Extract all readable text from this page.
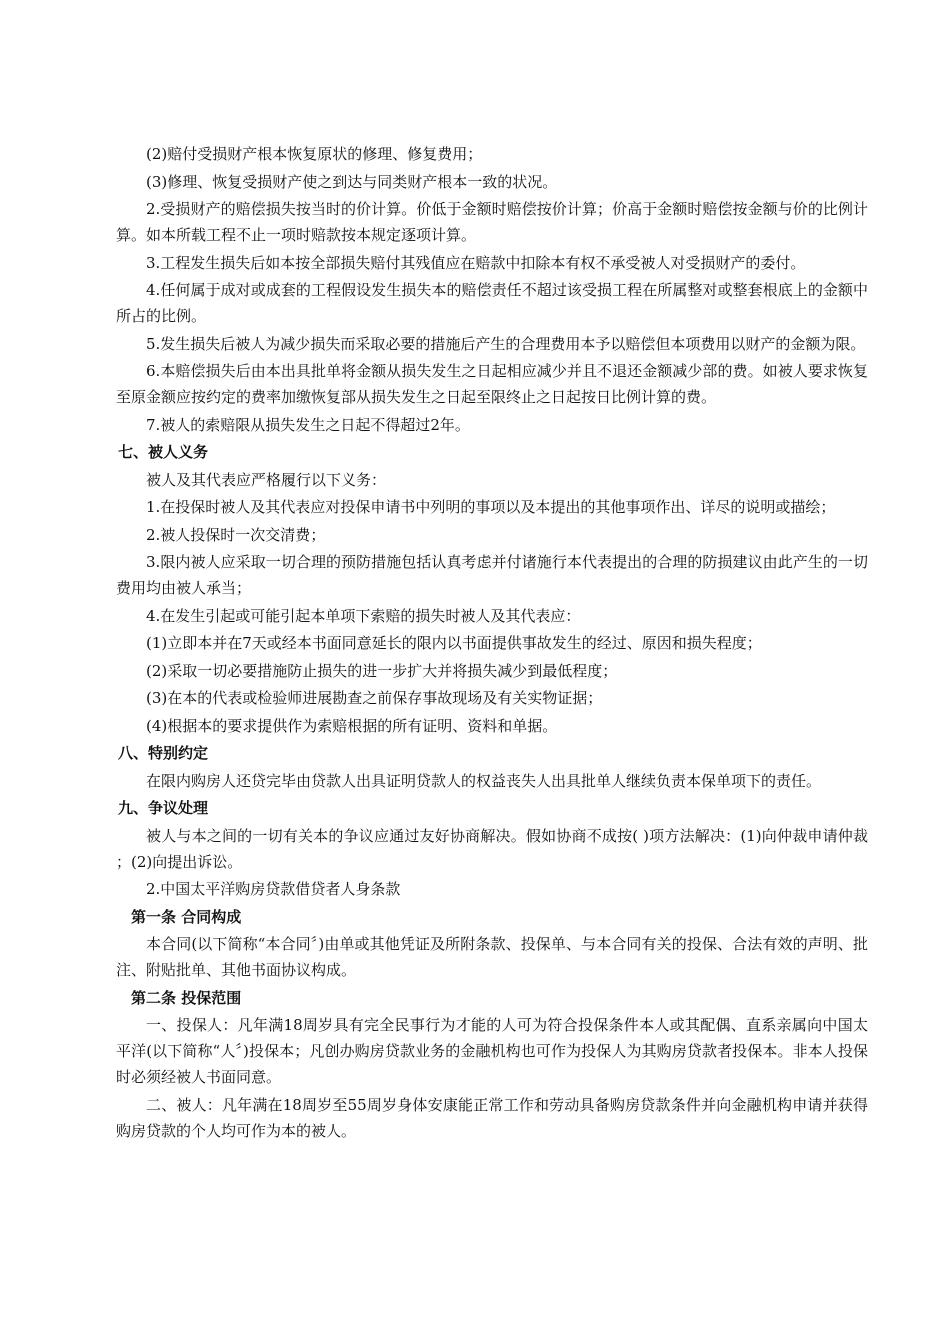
(2)赔付受损财产根本恢复原状的修理、修复费用；

(3)修理、恢复受损财产使之到达与同类财产根本一致的状况。

2.受损财产的赔偿损失按当时的价计算。价低于金额时赔偿按价计算；价高于金额时赔偿按金额与价的比例计算。如本所载工程不止一项时赔款按本规定逐项计算。

3.工程发生损失后如本按全部损失赔付其残值应在赔款中扣除本有权不承受被人对受损财产的委付。

4.任何属于成对或成套的工程假设发生损失本的赔偿责任不超过该受损工程在所属整对或整套根底上的金额中所占的比例。

5.发生损失后被人为减少损失而采取必要的措施后产生的合理费用本予以赔偿但本项费用以财产的金额为限。

6.本赔偿损失后由本出具批单将金额从损失发生之日起相应减少并且不退还金额减少部的费。如被人要求恢复至原金额应按约定的费率加缴恢复部从损失发生之日起至限终止之日起按日比例计算的费。

7.被人的索赔限从损失发生之日起不得超过2年。

七、被人义务

被人及其代表应严格履行以下义务：

1.在投保时被人及其代表应对投保申请书中列明的事项以及本提出的其他事项作出、详尽的说明或描绘；

2.被人投保时一次交清费；

3.限内被人应采取一切合理的预防措施包括认真考虑并付诸施行本代表提出的合理的防损建议由此产生的一切费用均由被人承当；

4.在发生引起或可能引起本单项下索赔的损失时被人及其代表应：

(1)立即本并在7天或经本书面同意延长的限内以书面提供事故发生的经过、原因和损失程度；

(2)采取一切必要措施防止损失的进一步扩大并将损失减少到最低程度；

(3)在本的代表或检验师进展勘查之前保存事故现场及有关实物证据；

(4)根据本的要求提供作为索赔根据的所有证明、资料和单据。

八、特别约定

在限内购房人还贷完毕由贷款人出具证明贷款人的权益丧失人出具批单人继续负责本保单项下的责任。

九、争议处理

被人与本之间的一切有关本的争议应通过友好协商解决。假如协商不成按( )项方法解决：(1)向仲裁申请仲裁；(2)向提出诉讼。

2.中国太平洋购房贷款借贷者人身条款

第一条 合同构成

本合同(以下简称“本合同〞)由单或其他凭证及所附条款、投保单、与本合同有关的投保、合法有效的声明、批注、附贴批单、其他书面协议构成。

第二条 投保范围

一、投保人：凡年满18周岁具有完全民事行为才能的人可为符合投保条件本人或其配偶、直系亲属向中国太平洋(以下简称“人〞)投保本；凡创办购房贷款业务的金融机构也可作为投保人为其购房贷款者投保本。非本人投保时必须经被人书面同意。

二、被人：凡年满在18周岁至55周岁身体安康能正常工作和劳动具备购房贷款条件并向金融机构申请并获得购房贷款的个人均可作为本的被人。
